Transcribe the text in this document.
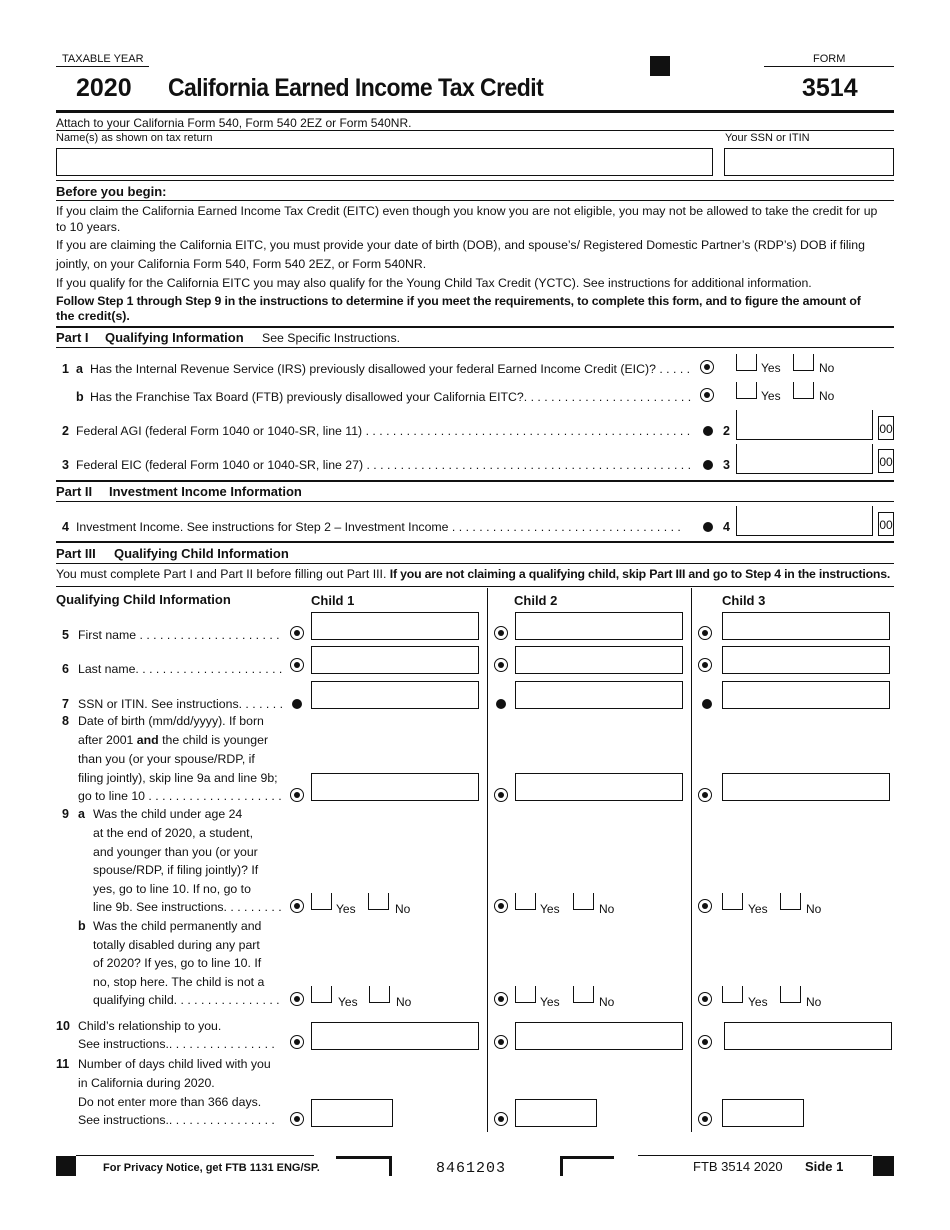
TAXABLE YEAR
2020 California Earned Income Tax Credit
FORM
3514
Attach to your California Form 540, Form 540 2EZ or Form 540NR.
Name(s) as shown on tax return	Your SSN or ITIN
Before you begin:
If you claim the California Earned Income Tax Credit (EITC) even though you know you are not eligible, you may not be allowed to take the credit for up
to 10 years.
If you are claiming the California EITC, you must provide your date of birth (DOB), and spouse’s/ Registered Domestic Partner’s (RDP’s) DOB if filing
jointly, on your California Form 540, Form 540 2EZ, or Form 540NR.
If you qualify for the California EITC you may also qualify for the Young Child Tax Credit (YCTC). See instructions for additional information.
Follow Step 1 through Step 9 in the instructions to determine if you meet the requirements, to complete this form, and to figure the amount of
the credit(s).
Part I Qualifying Information See Specific Instructions.
1 a Has the Internal Revenue Service (IRS) previously disallowed your federal Earned Income Credit (EIC)? . . . . .	Yes	No
b Has the Franchise Tax Board (FTB) previously disallowed your California EITC?. . . . . . . . . . . . . . . . . . . . . . . . .	Yes	No
2 Federal AGI (federal Form 1040 or 1040-SR, line 11) . . . . . . . . . . . . . . . . . . . . . . . . . . . . . . . . . . . . . . . . . . . . . . . .	2	00
3 Federal EIC (federal Form 1040 or 1040-SR, line 27) . . . . . . . . . . . . . . . . . . . . . . . . . . . . . . . . . . . . . . . . . . . . . . . .	3	00
Part II Investment Income Information
4 Investment Income. See instructions for Step 2 – Investment Income . . . . . . . . . . . . . . . . . . . . . . . . . . . . . . . . . .	4	00
Part III Qualifying Child Information
You must complete Part I and Part II before filling out Part III. If you are not claiming a qualifying child, skip Part III and go to Step 4 in the instructions.
Qualifying Child Information	Child 1	Child 2	Child 3
5 First name . . . . . . . . . . . . . . . . . . . . .
6 Last name. . . . . . . . . . . . . . . . . . . . . .
7 SSN or ITIN. See instructions. . . . . . .
8 Date of birth (mm/dd/yyyy). If born
after 2001 and the child is younger
than you (or your spouse/RDP, if
filing jointly), skip line 9a and line 9b;
go to line 10 . . . . . . . . . . . . . . . . . . . .
9 a Was the child under age 24
at the end of 2020, a student,
and younger than you (or your
spouse/RDP, if filing jointly)? If
yes, go to line 10. If no, go to
line 9b. See instructions. . . . . . . . .	Yes	No	Yes	No	Yes	No
b Was the child permanently and
totally disabled during any part
of 2020? If yes, go to line 10. If
no, stop here. The child is not a
qualifying child. . . . . . . . . . . . . . . .	Yes	No	Yes	No	Yes	No
10 Child’s relationship to you.
See instructions.. . . . . . . . . . . . . . . .
11 Number of days child lived with you
in California during 2020.
Do not enter more than 366 days.
See instructions.. . . . . . . . . . . . . . . .
For Privacy Notice, get FTB 1131 ENG/SP.	8461203	FTB 3514 2020 Side 1
